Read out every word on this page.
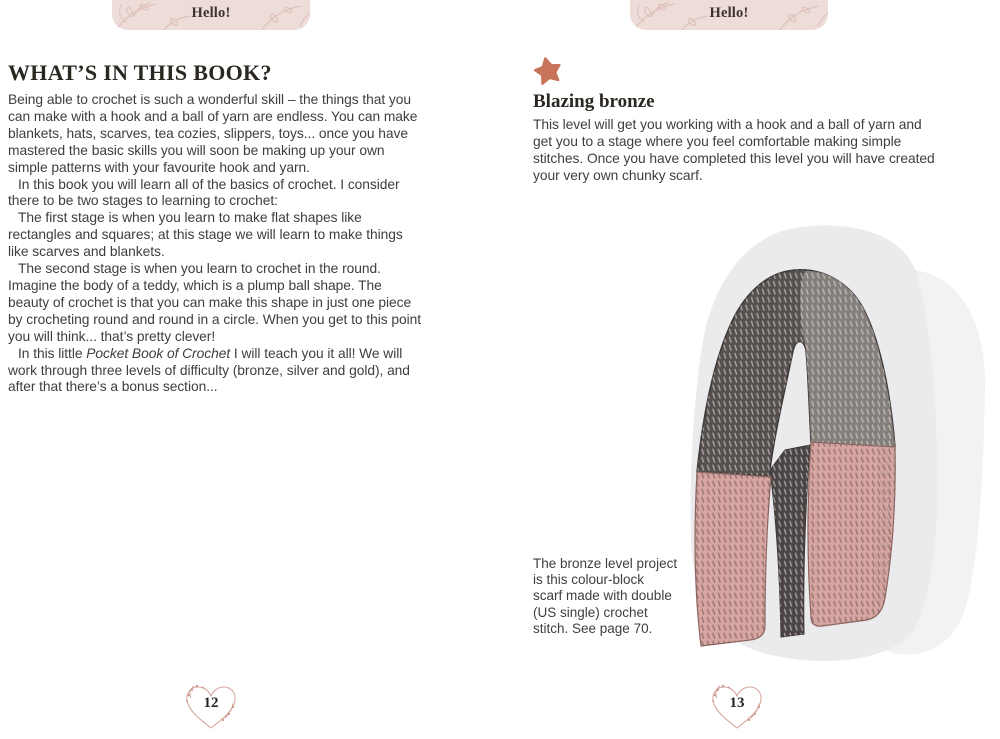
Hello!
WHAT’S IN THIS BOOK?

Being able to crochet is such a wonderful skill – the things that you can make with a hook and a ball of yarn are endless. You can make blankets, hats, scarves, tea cozies, slippers, toys... once you have mastered the basic skills you will soon be making up your own simple patterns with your favourite hook and yarn.

In this book you will learn all of the basics of crochet. I consider there to be two stages to learning to crochet:

The first stage is when you learn to make flat shapes like rectangles and squares; at this stage we will learn to make things like scarves and blankets.

The second stage is when you learn to crochet in the round. Imagine the body of a teddy, which is a plump ball shape. The beauty of crochet is that you can make this shape in just one piece by crocheting round and round in a circle. When you get to this point you will think... that’s pretty clever!

In this little Pocket Book of Crochet I will teach you it all! We will work through three levels of difficulty (bronze, silver and gold), and after that there’s a bonus section...

12
Hello!
Blazing bronze

This level will get you working with a hook and a ball of yarn and get you to a stage where you feel comfortable making simple stitches. Once you have completed this level you will have created your very own chunky scarf.

The bronze level project
is this colour-block
scarf made with double
(US single) crochet
stitch. See page 70.
13
